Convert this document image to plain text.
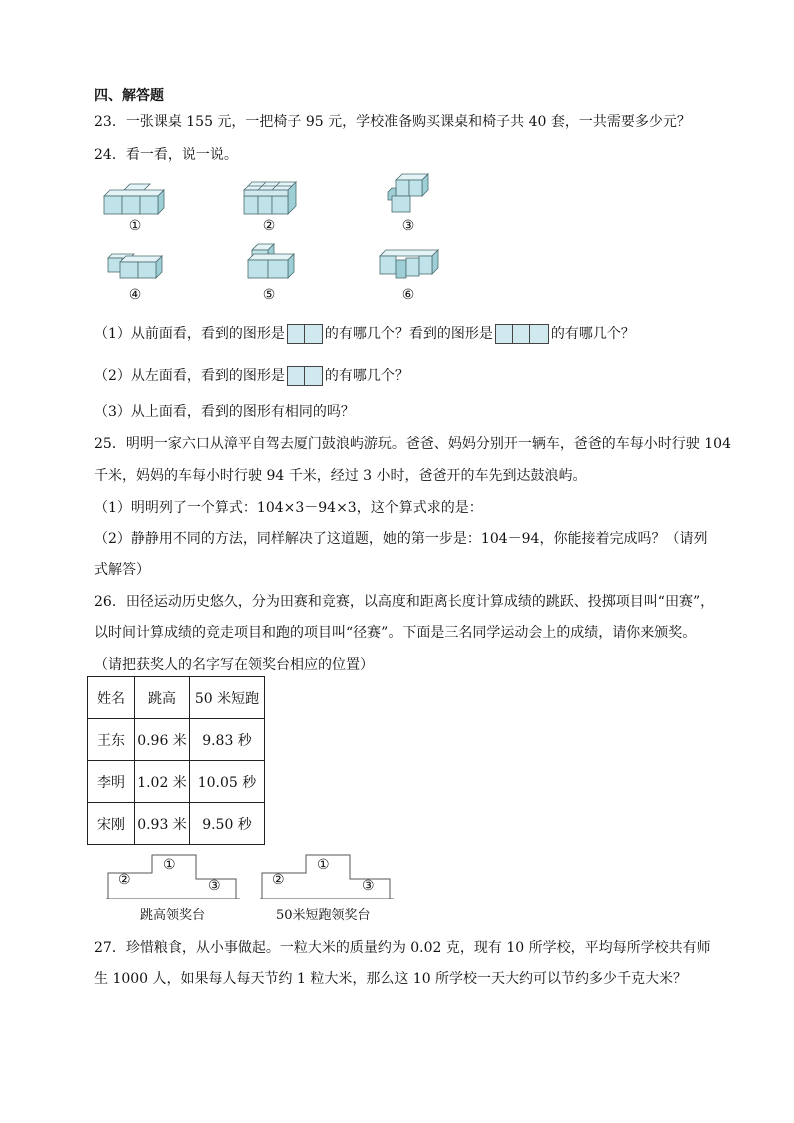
四、解答题
23．一张课桌 155 元，一把椅子 95 元，学校准备购买课桌和椅子共 40 套，一共需要多少元？
24．看一看，说一说。
①	②	③
④	⑤	⑥
（1）从前面看，看到的图形是	的有哪几个？看到的图形是	的有哪几个？
（2）从左面看，看到的图形是	的有哪几个？
（3）从上面看，看到的图形有相同的吗？
25．明明一家六口从漳平自驾去厦门鼓浪屿游玩。爸爸、妈妈分别开一辆车，爸爸的车每小时行驶 104
千米，妈妈的车每小时行驶 94 千米，经过 3 小时，爸爸开的车先到达鼓浪屿。
（1）明明列了一个算式：104×3－94×3，这个算式求的是：
（2）静静用不同的方法，同样解决了这道题，她的第一步是：104－94，你能接着完成吗？（请列
式解答）
26．田径运动历史悠久，分为田赛和竞赛，以高度和距离长度计算成绩的跳跃、投掷项目叫“田赛”，
以时间计算成绩的竞走项目和跑的项目叫“径赛”。下面是三名同学运动会上的成绩，请你来颁奖。
（请把获奖人的名字写在领奖台相应的位置）
姓名	跳高	50 米短跑
王东	0.96 米	9.83 秒
李明	1.02 米	10.05 秒
宋刚	0.93 米	9.50 秒
①
②	③
跳高领奖台
①
②	③
50米短跑领奖台
27．珍惜粮食，从小事做起。一粒大米的质量约为 0.02 克，现有 10 所学校，平均每所学校共有师
生 1000 人，如果每人每天节约 1 粒大米，那么这 10 所学校一天大约可以节约多少千克大米？
